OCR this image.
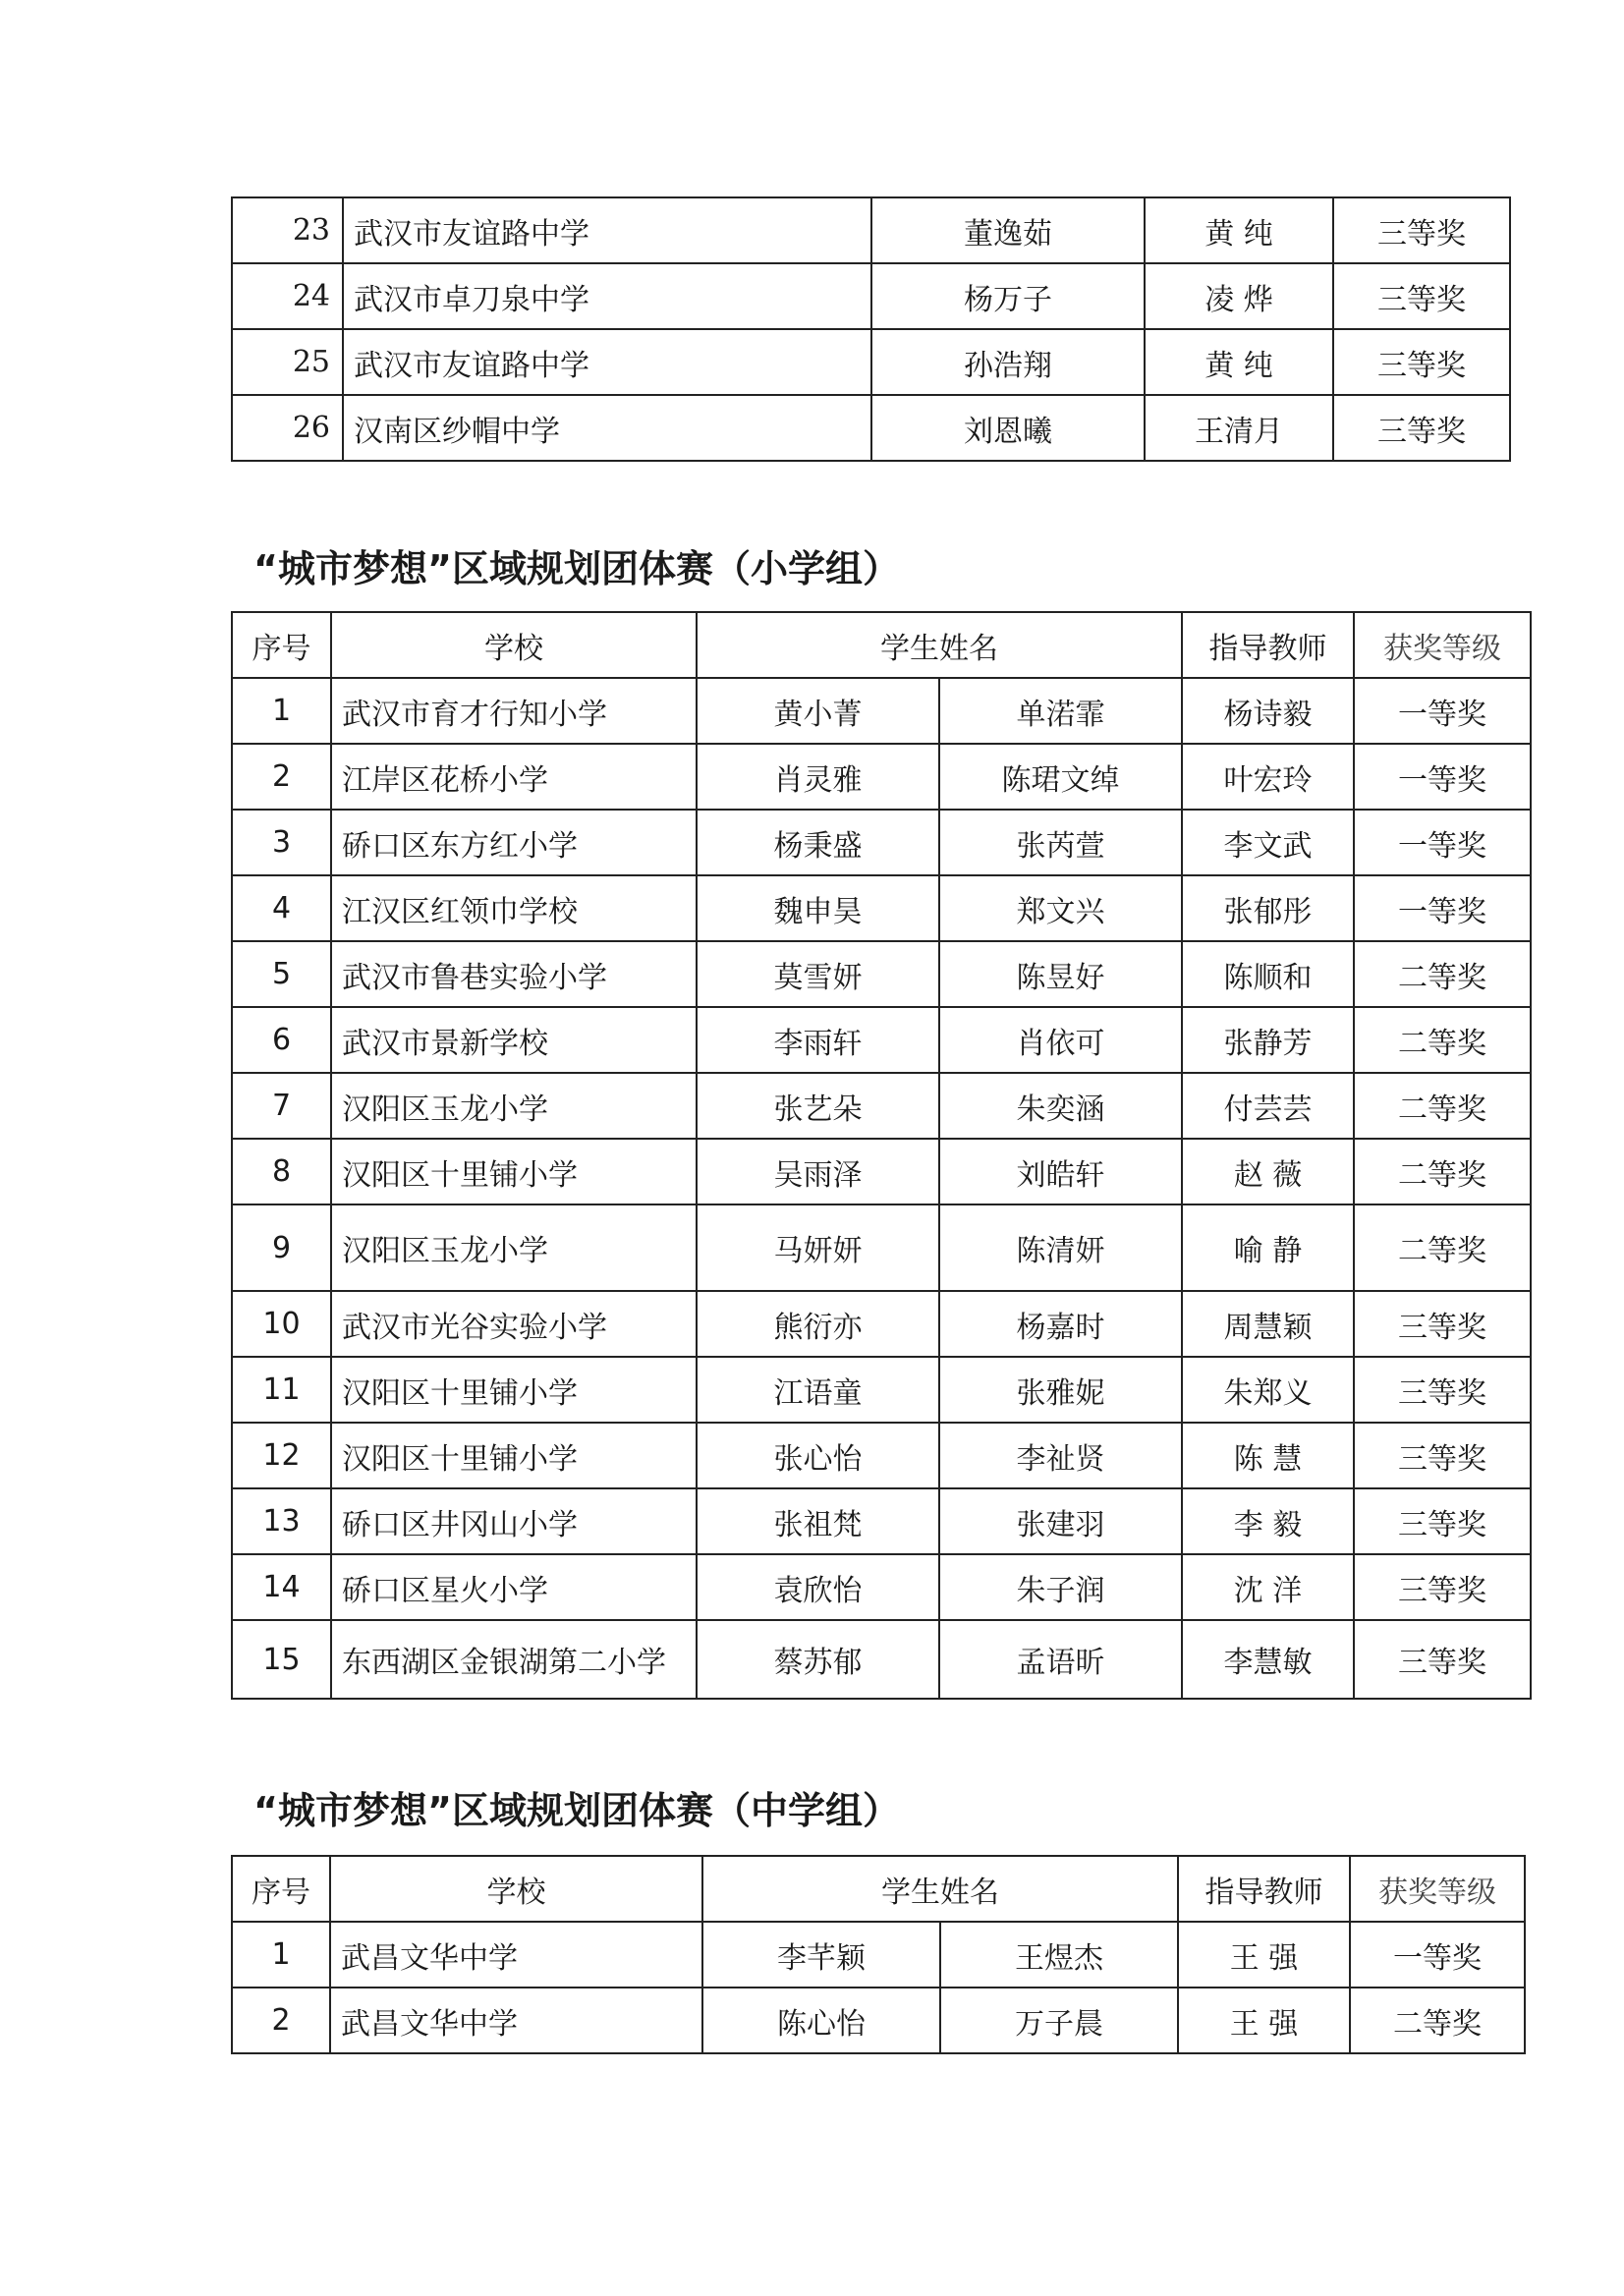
23	武汉市友谊路中学	董逸茹	黄 纯	三等奖
24	武汉市卓刀泉中学	杨万子	凌 烨	三等奖
25	武汉市友谊路中学	孙浩翔	黄 纯	三等奖
26	汉南区纱帽中学	刘恩曦	王清月	三等奖
“城市梦想”区域规划团体赛（小学组）
序号	学校	学生姓名		指导教师	获奖等级
1	武汉市育才行知小学	黄小菁	单渃霏	杨诗毅	一等奖
2	江岸区花桥小学	肖灵雅	陈珺文绰	叶宏玲	一等奖
3	硚口区东方红小学	杨秉盛	张芮萱	李文武	一等奖
4	江汉区红领巾学校	魏申昊	郑文兴	张郁彤	一等奖
5	武汉市鲁巷实验小学	莫雪妍	陈昱好	陈顺和	二等奖
6	武汉市景新学校	李雨轩	肖依可	张静芳	二等奖
7	汉阳区玉龙小学	张艺朵	朱奕涵	付芸芸	二等奖
8	汉阳区十里铺小学	吴雨泽	刘皓轩	赵 薇	二等奖
9	汉阳区玉龙小学	马妍妍	陈清妍	喻 静	二等奖
10	武汉市光谷实验小学	熊衍亦	杨嘉时	周慧颖	三等奖
11	汉阳区十里铺小学	江语童	张雅妮	朱郑义	三等奖
12	汉阳区十里铺小学	张心怡	李祉贤	陈 慧	三等奖
13	硚口区井冈山小学	张祖梵	张建羽	李 毅	三等奖
14	硚口区星火小学	袁欣怡	朱子润	沈 洋	三等奖
15	东西湖区金银湖第二小学	蔡苏郁	孟语昕	李慧敏	三等奖
“城市梦想”区域规划团体赛（中学组）
序号	学校	学生姓名		指导教师	获奖等级
1	武昌文华中学	李芊颖	王煜杰	王 强	一等奖
2	武昌文华中学	陈心怡	万子晨	王 强	二等奖
